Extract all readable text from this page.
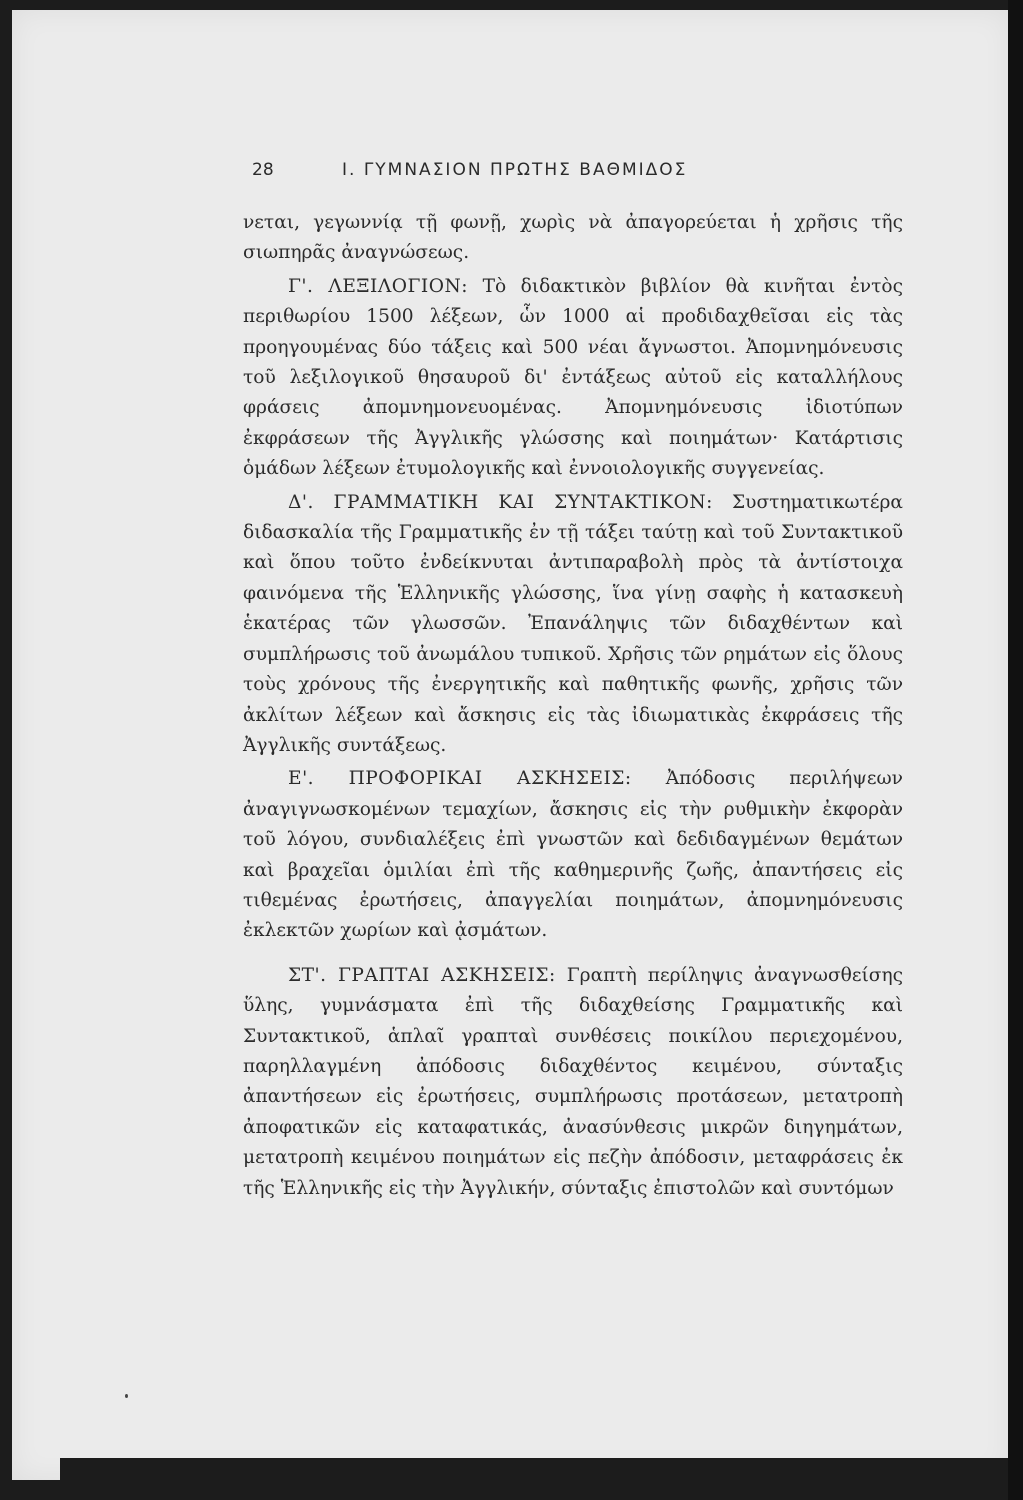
28	Ι. ΓΥΜΝΑΣΙΟΝ ΠΡΩΤΗΣ ΒΑΘΜΙΔΟΣ

νεται, γεγωννίᾳ τῇ φωνῇ, χωρὶς νὰ ἀπαγορεύεται ἡ χρῆσις τῆς σιωπηρᾶς ἀναγνώσεως.

Γ'. ΛΕΞΙΛΟΓΙΟΝ: Τὸ διδακτικὸν βιβλίον θὰ κινῆται ἐντὸς περιθωρίου 1500 λέξεων, ὧν 1000 αἱ προδιδαχθεῖσαι εἰς τὰς προηγουμένας δύο τάξεις καὶ 500 νέαι ἄγνωστοι. Ἀπομνημόνευσις τοῦ λεξιλογικοῦ θησαυροῦ δι' ἐντάξεως αὐτοῦ εἰς καταλλήλους φράσεις ἀπομνημονευομένας. Ἀπομνημόνευσις ἰδιοτύπων ἐκφράσεων τῆς Ἀγγλικῆς γλώσσης καὶ ποιημάτων· Κατάρτισις ὁμάδων λέξεων ἐτυμολογικῆς καὶ ἐννοιολογικῆς συγγενείας.

Δ'. ΓΡΑΜΜΑΤΙΚΗ ΚΑΙ ΣΥΝΤΑΚΤΙΚΟΝ: Συστηματικωτέρα διδασκαλία τῆς Γραμματικῆς ἐν τῇ τάξει ταύτῃ καὶ τοῦ Συντακτικοῦ καὶ ὅπου τοῦτο ἐνδείκνυται ἀντιπαραβολὴ πρὸς τὰ ἀντίστοιχα φαινόμενα τῆς Ἑλληνικῆς γλώσσης, ἵνα γίνῃ σαφὴς ἡ κατασκευὴ ἑκατέρας τῶν γλωσσῶν. Ἐπανάληψις τῶν διδαχθέντων καὶ συμπλήρωσις τοῦ ἀνωμάλου τυπικοῦ. Χρῆσις τῶν ρημάτων εἰς ὅλους τοὺς χρόνους τῆς ἐνεργητικῆς καὶ παθητικῆς φωνῆς, χρῆσις τῶν ἀκλίτων λέξεων καὶ ἄσκησις εἰς τὰς ἰδιωματικὰς ἐκφράσεις τῆς Ἀγγλικῆς συντάξεως.

Ε'. ΠΡΟΦΟΡΙΚΑΙ ΑΣΚΗΣΕΙΣ: Ἀπόδοσις περιλήψεων ἀναγιγνωσκομένων τεμαχίων, ἄσκησις εἰς τὴν ρυθμικὴν ἐκφορὰν τοῦ λόγου, συνδιαλέξεις ἐπὶ γνωστῶν καὶ δεδιδαγμένων θεμάτων καὶ βραχεῖαι ὁμιλίαι ἐπὶ τῆς καθημερινῆς ζωῆς, ἀπαντήσεις εἰς τιθεμένας ἐρωτήσεις, ἀπαγγελίαι ποιημάτων, ἀπομνημόνευσις ἐκλεκτῶν χωρίων καὶ ᾀσμάτων.

ΣΤ'. ΓΡΑΠΤΑΙ ΑΣΚΗΣΕΙΣ: Γραπτὴ περίληψις ἀναγνωσθείσης ὕλης, γυμνάσματα ἐπὶ τῆς διδαχθείσης Γραμματικῆς καὶ Συντακτικοῦ, ἁπλαῖ γραπταὶ συνθέσεις ποικίλου περιεχομένου, παρηλλαγμένη ἀπόδοσις διδαχθέντος κειμένου, σύνταξις ἀπαντήσεων εἰς ἐρωτήσεις, συμπλήρωσις προτάσεων, μετατροπὴ ἀποφατικῶν εἰς καταφατικάς, ἀνασύνθεσις μικρῶν διηγημάτων, μετατροπὴ κειμένου ποιημάτων εἰς πεζὴν ἀπόδοσιν, μεταφράσεις ἐκ τῆς Ἑλληνικῆς εἰς τὴν Ἀγγλικήν, σύνταξις ἐπιστολῶν καὶ συντόμων
